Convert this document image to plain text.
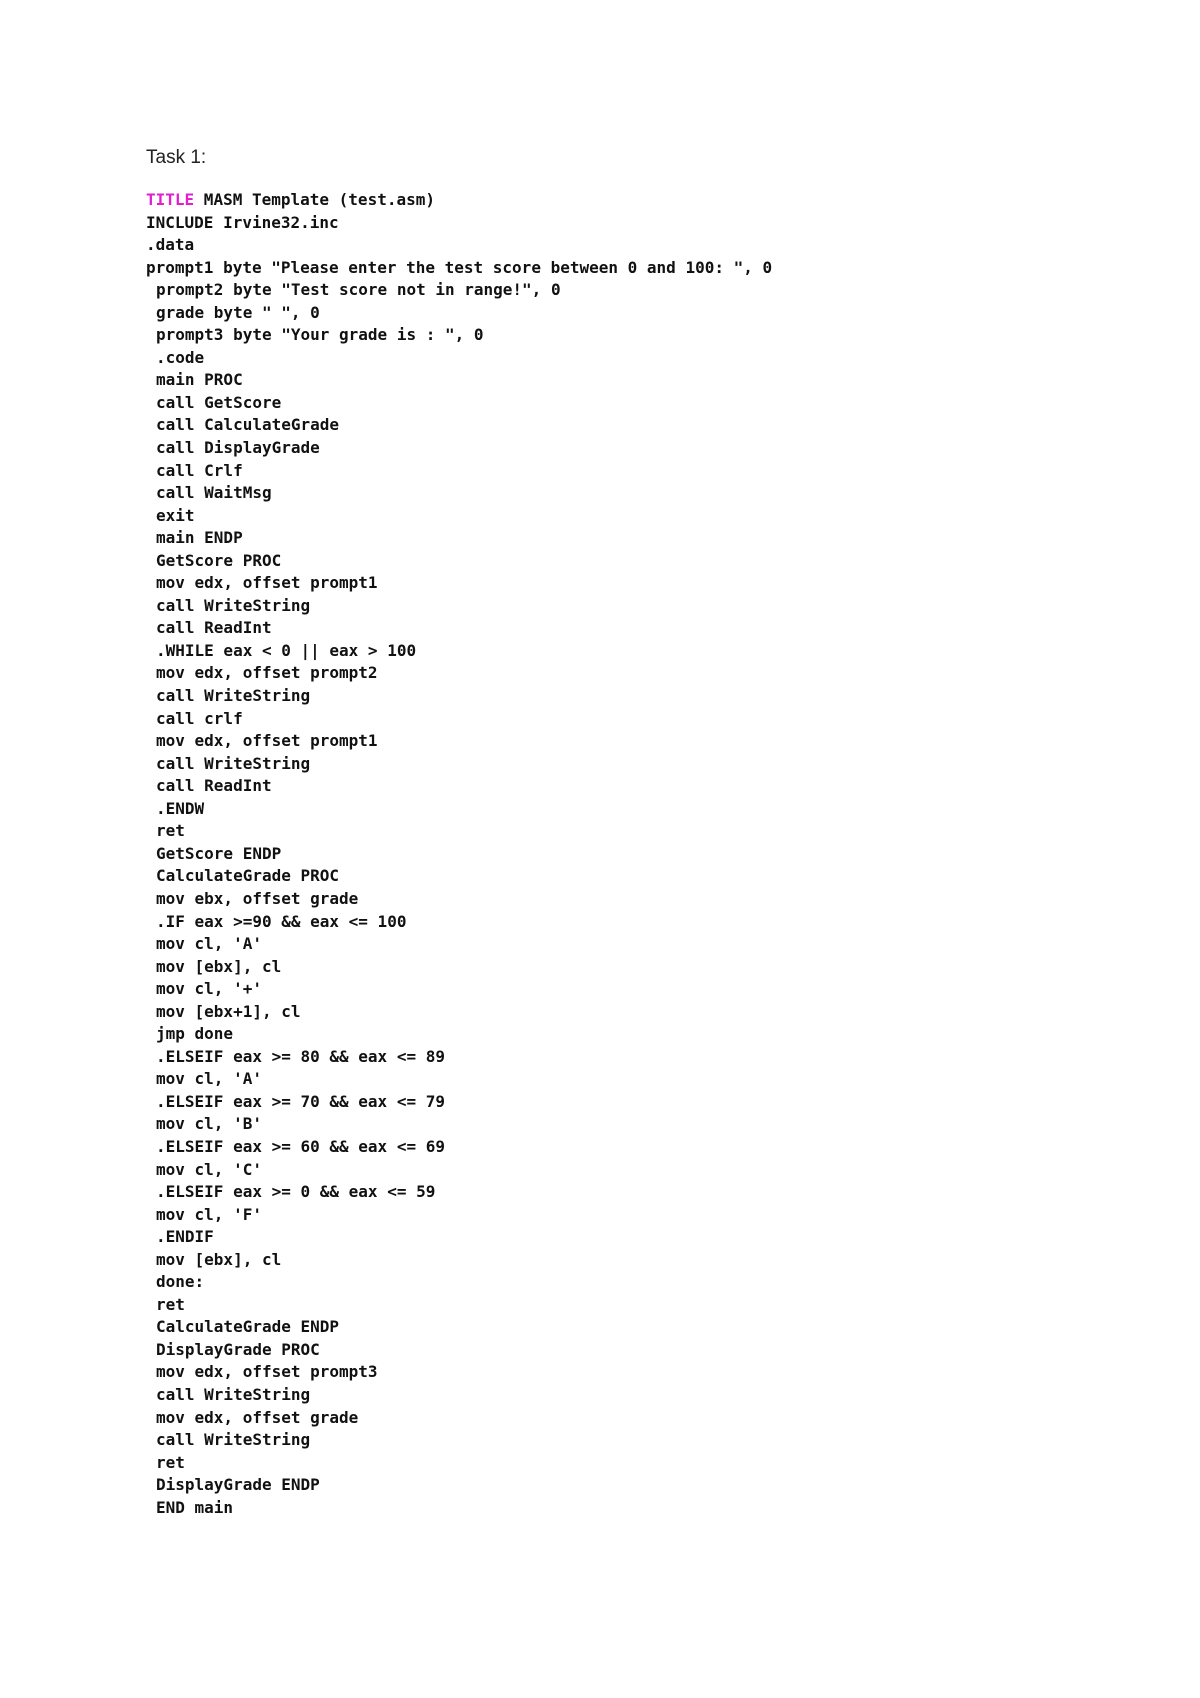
Task 1:
TITLE MASM Template (test.asm)
INCLUDE Irvine32.inc
.data
prompt1 byte "Please enter the test score between 0 and 100: ", 0
prompt2 byte "Test score not in range!", 0
grade byte " ", 0
prompt3 byte "Your grade is : ", 0
.code
main PROC
call GetScore
call CalculateGrade
call DisplayGrade
call Crlf
call WaitMsg
exit
main ENDP
GetScore PROC
mov edx, offset prompt1
call WriteString
call ReadInt
.WHILE eax < 0 || eax > 100
mov edx, offset prompt2
call WriteString
call crlf
mov edx, offset prompt1
call WriteString
call ReadInt
.ENDW
ret
GetScore ENDP
CalculateGrade PROC
mov ebx, offset grade
.IF eax >=90 && eax <= 100
mov cl, 'A'
mov [ebx], cl
mov cl, '+'
mov [ebx+1], cl
jmp done
.ELSEIF eax >= 80 && eax <= 89
mov cl, 'A'
.ELSEIF eax >= 70 && eax <= 79
mov cl, 'B'
.ELSEIF eax >= 60 && eax <= 69
mov cl, 'C'
.ELSEIF eax >= 0 && eax <= 59
mov cl, 'F'
.ENDIF
mov [ebx], cl
done:
ret
CalculateGrade ENDP
DisplayGrade PROC
mov edx, offset prompt3
call WriteString
mov edx, offset grade
call WriteString
ret
DisplayGrade ENDP
END main
